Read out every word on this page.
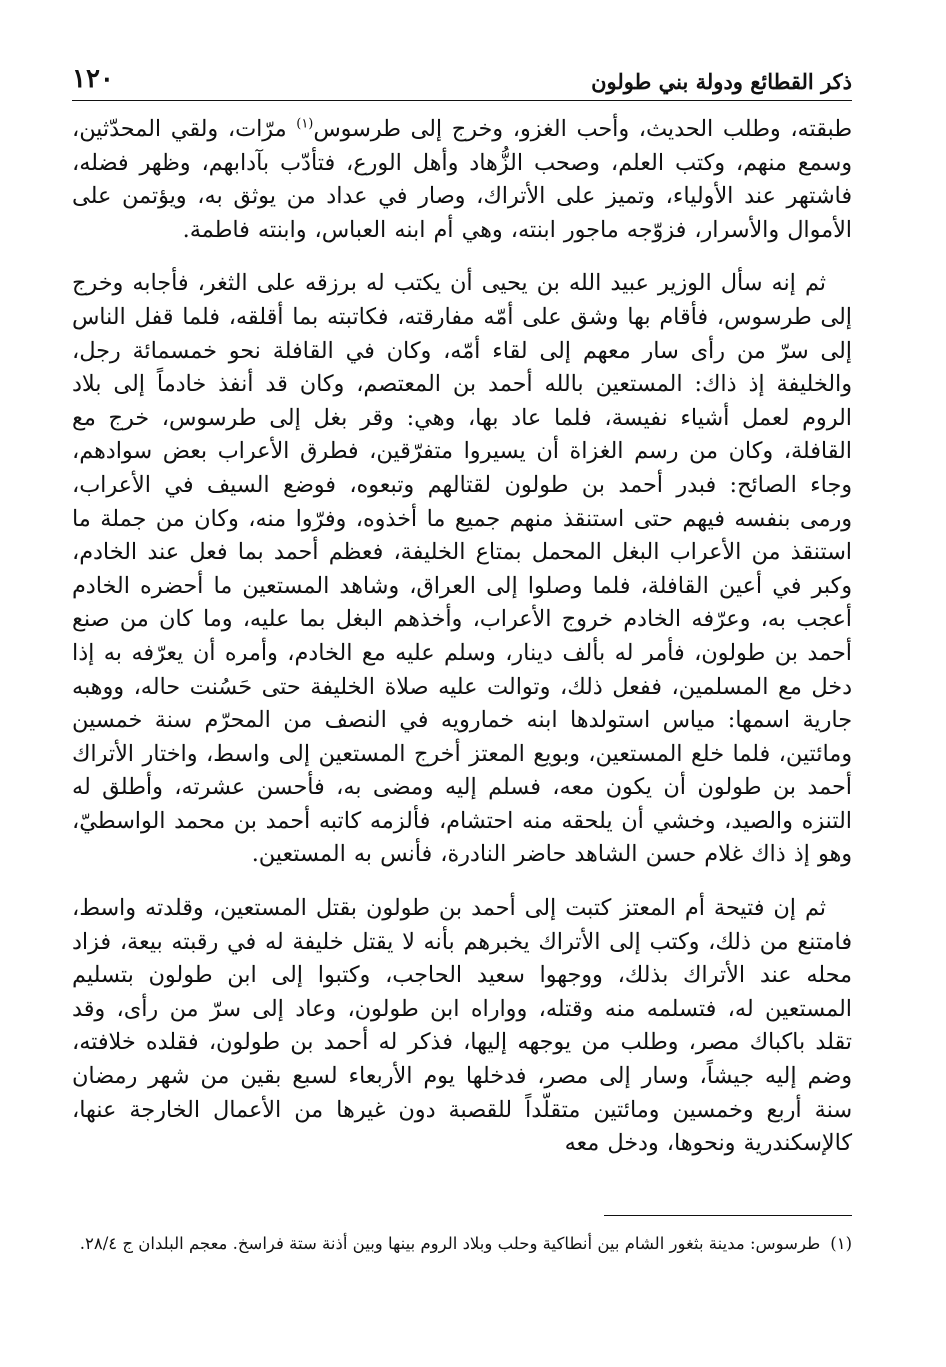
ذكر القطائع ودولة بني طولون
١٢٠

طبقته، وطلب الحديث، وأحب الغزو، وخرج إلى طرسوس$^{(١)}$ مرّات، ولقي المحدّثين، وسمع منهم، وكتب العلم، وصحب الزُّهاد وأهل الورع، فتأدّب بآدابهم، وظهر فضله، فاشتهر عند الأولياء، وتميز على الأتراك، وصار في عداد من يوثق به، ويؤتمن على الأموال والأسرار، فزوّجه ماجور ابنته، وهي أم ابنه العباس، وابنته فاطمة.

ثم إنه سأل الوزير عبيد الله بن يحيى أن يكتب له برزقه على الثغر، فأجابه وخرج إلى طرسوس، فأقام بها وشق على أمّه مفارقته، فكاتبته بما أقلقه، فلما قفل الناس إلى سرّ من رأى سار معهم إلى لقاء أمّه، وكان في القافلة نحو خمسمائة رجل، والخليفة إذ ذاك: المستعين بالله أحمد بن المعتصم، وكان قد أنفذ خادماً إلى بلاد الروم لعمل أشياء نفيسة، فلما عاد بها، وهي: وقر بغل إلى طرسوس، خرج مع القافلة، وكان من رسم الغزاة أن يسيروا متفرّقين، فطرق الأعراب بعض سوادهم، وجاء الصائح: فبدر أحمد بن طولون لقتالهم وتبعوه، فوضع السيف في الأعراب، ورمى بنفسه فيهم حتى استنقذ منهم جميع ما أخذوه، وفرّوا منه، وكان من جملة ما استنقذ من الأعراب البغل المحمل بمتاع الخليفة، فعظم أحمد بما فعل عند الخادم، وكبر في أعين القافلة، فلما وصلوا إلى العراق، وشاهد المستعين ما أحضره الخادم أعجب به، وعرّفه الخادم خروج الأعراب، وأخذهم البغل بما عليه، وما كان من صنع أحمد بن طولون، فأمر له بألف دينار، وسلم عليه مع الخادم، وأمره أن يعرّفه به إذا دخل مع المسلمين، ففعل ذلك، وتوالت عليه صلاة الخليفة حتى حَسُنت حاله، ووهبه جارية اسمها: مياس استولدها ابنه خمارويه في النصف من المحرّم سنة خمسين ومائتين، فلما خلع المستعين، وبويع المعتز أخرج المستعين إلى واسط، واختار الأتراك أحمد بن طولون أن يكون معه، فسلم إليه ومضى به، فأحسن عشرته، وأطلق له التنزه والصيد، وخشي أن يلحقه منه احتشام، فألزمه كاتبه أحمد بن محمد الواسطيّ، وهو إذ ذاك غلام حسن الشاهد حاضر النادرة، فأنس به المستعين.

ثم إن فتيحة أم المعتز كتبت إلى أحمد بن طولون بقتل المستعين، وقلدته واسط، فامتنع من ذلك، وكتب إلى الأتراك يخبرهم بأنه لا يقتل خليفة له في رقبته بيعة، فزاد محله عند الأتراك بذلك، ووجهوا سعيد الحاجب، وكتبوا إلى ابن طولون بتسليم المستعين له، فتسلمه منه وقتله، وواراه ابن طولون، وعاد إلى سرّ من رأى، وقد تقلد باكباك مصر، وطلب من يوجهه إليها، فذكر له أحمد بن طولون، فقلده خلافته، وضم إليه جيشاً، وسار إلى مصر، فدخلها يوم الأربعاء لسبع بقين من شهر رمضان سنة أربع وخمسين ومائتين متقلّداً للقصبة دون غيرها من الأعمال الخارجة عنها، كالإسكندرية ونحوها، ودخل معه

(١)طرسوس: مدينة بثغور الشام بين أنطاكية وحلب وبلاد الروم بينها وبين أذنة ستة فراسخ. معجم البلدان ج ٢٨/٤.
